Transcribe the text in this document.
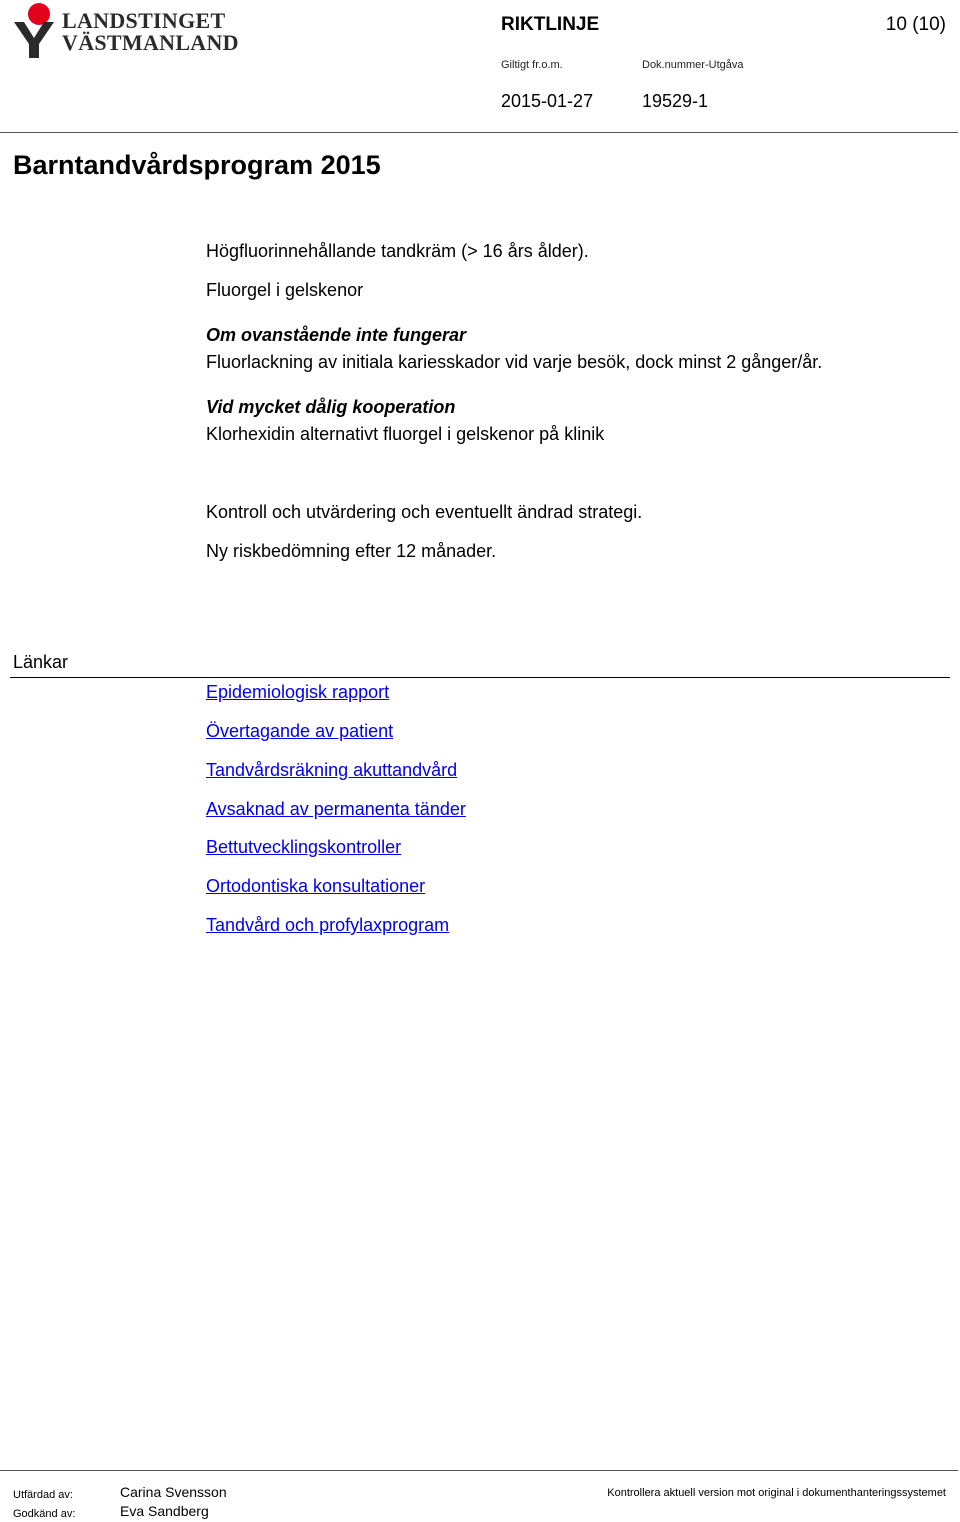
LANDSTINGET
VÄSTMANLAND
RIKTLINJE	10 (10)
Giltigt fr.o.m.	Dok.nummer-Utgåva
2015-01-27	19529-1
Barntandvårdsprogram 2015
Högfluorinnehållande tandkräm (> 16 års ålder).
Fluorgel i gelskenor
Om ovanstående inte fungerar
Fluorlackning av initiala kariesskador vid varje besök, dock minst 2 gånger/år.
Vid mycket dålig kooperation
Klorhexidin alternativt fluorgel i gelskenor på klinik
Kontroll och utvärdering och eventuellt ändrad strategi.
Ny riskbedömning efter 12 månader.
Länkar
Epidemiologisk rapport
Övertagande av patient
Tandvårdsräkning akuttandvård
Avsaknad av permanenta tänder
Bettutvecklingskontroller
Ortodontiska konsultationer
Tandvård och profylaxprogram
Utfärdad av:	Carina Svensson
Godkänd av:	Eva Sandberg
Kontrollera aktuell version mot original i dokumenthanteringssystemet
